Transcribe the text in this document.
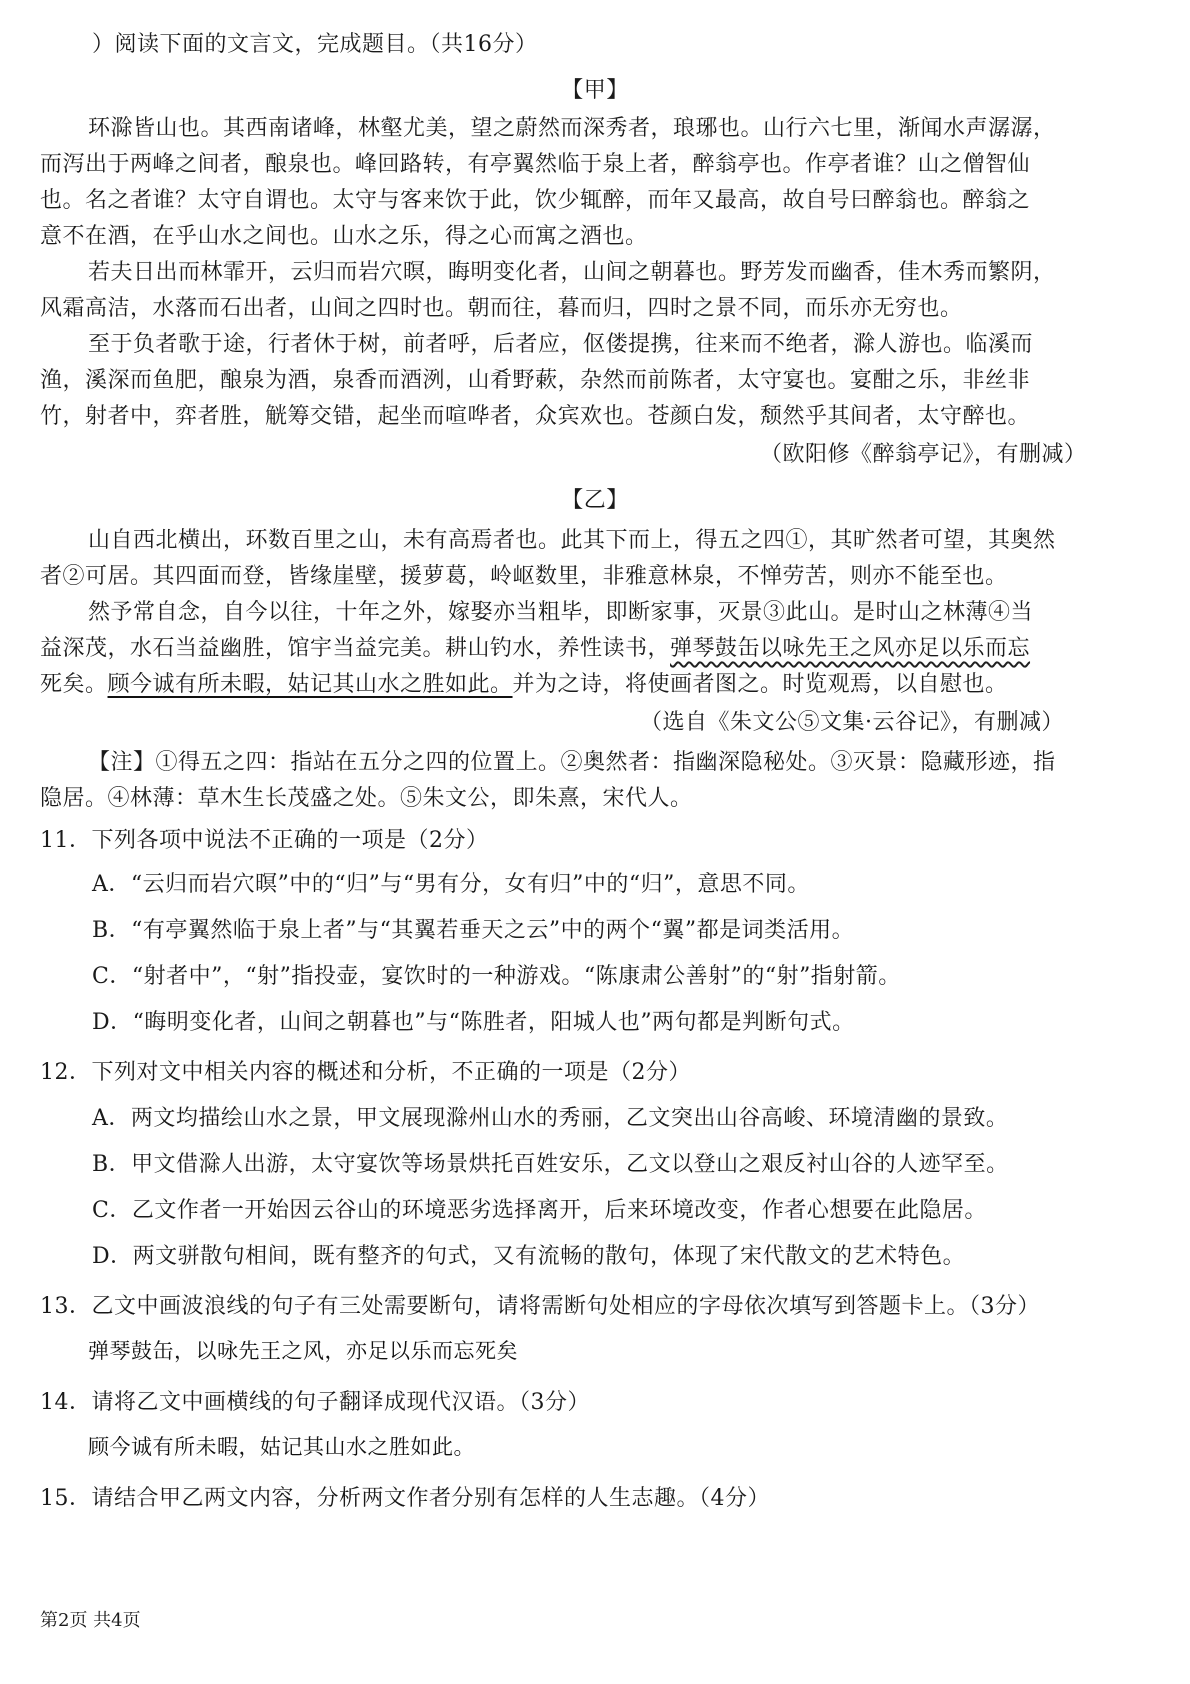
）阅读下面的文言文，完成题目。（共16分）
【甲】
环滁皆山也。其西南诸峰，林壑尤美，望之蔚然而深秀者，琅琊也。山行六七里，渐闻水声潺潺，
而泻出于两峰之间者，酿泉也。峰回路转，有亭翼然临于泉上者，醉翁亭也。作亭者谁？山之僧智仙
也。名之者谁？太守自谓也。太守与客来饮于此，饮少辄醉，而年又最高，故自号曰醉翁也。醉翁之
意不在酒，在乎山水之间也。山水之乐，得之心而寓之酒也。
若夫日出而林霏开，云归而岩穴暝，晦明变化者，山间之朝暮也。野芳发而幽香，佳木秀而繁阴，
风霜高洁，水落而石出者，山间之四时也。朝而往，暮而归，四时之景不同，而乐亦无穷也。
至于负者歌于途，行者休于树，前者呼，后者应，伛偻提携，往来而不绝者，滁人游也。临溪而
渔，溪深而鱼肥，酿泉为酒，泉香而酒洌，山肴野蔌，杂然而前陈者，太守宴也。宴酣之乐，非丝非
竹，射者中，弈者胜，觥筹交错，起坐而喧哗者，众宾欢也。苍颜白发，颓然乎其间者，太守醉也。
（欧阳修《醉翁亭记》，有删减）
【乙】
山自西北横出，环数百里之山，未有高焉者也。此其下而上，得五之四①，其旷然者可望，其奥然
者②可居。其四面而登，皆缘崖壁，援萝葛，岭岖数里，非雅意林泉，不惮劳苦，则亦不能至也。
然予常自念，自今以往，十年之外，嫁娶亦当粗毕，即断家事，灭景③此山。是时山之林薄④当
益深茂，水石当益幽胜，馆宇当益完美。耕山钓水，养性读书，弹琴鼓缶以咏先王之风亦足以乐而忘
死矣。顾今诚有所未暇，姑记其山水之胜如此。并为之诗，将使画者图之。时览观焉，以自慰也。
（选自《朱文公⑤文集·云谷记》，有删减）
【注】①得五之四：指站在五分之四的位置上。②奥然者：指幽深隐秘处。③灭景：隐藏形迹，指
隐居。④林薄：草木生长茂盛之处。⑤朱文公，即朱熹，宋代人。
11．下列各项中说法不正确的一项是（2分）
A．“云归而岩穴暝”中的“归”与“男有分，女有归”中的“归”，意思不同。
B．“有亭翼然临于泉上者”与“其翼若垂天之云”中的两个“翼”都是词类活用。
C．“射者中”，“射”指投壶，宴饮时的一种游戏。“陈康肃公善射”的“射”指射箭。
D．“晦明变化者，山间之朝暮也”与“陈胜者，阳城人也”两句都是判断句式。
12．下列对文中相关内容的概述和分析，不正确的一项是（2分）
A．两文均描绘山水之景，甲文展现滁州山水的秀丽，乙文突出山谷高峻、环境清幽的景致。
B．甲文借滁人出游，太守宴饮等场景烘托百姓安乐，乙文以登山之艰反衬山谷的人迹罕至。
C．乙文作者一开始因云谷山的环境恶劣选择离开，后来环境改变，作者心想要在此隐居。
D．两文骈散句相间，既有整齐的句式，又有流畅的散句，体现了宋代散文的艺术特色。
13．乙文中画波浪线的句子有三处需要断句，请将需断句处相应的字母依次填写到答题卡上。（3分）
弹琴鼓缶，以咏先王之风，亦足以乐而忘死矣
14．请将乙文中画横线的句子翻译成现代汉语。（3分）
顾今诚有所未暇，姑记其山水之胜如此。
15．请结合甲乙两文内容，分析两文作者分别有怎样的人生志趣。（4分）
第2页 共4页
